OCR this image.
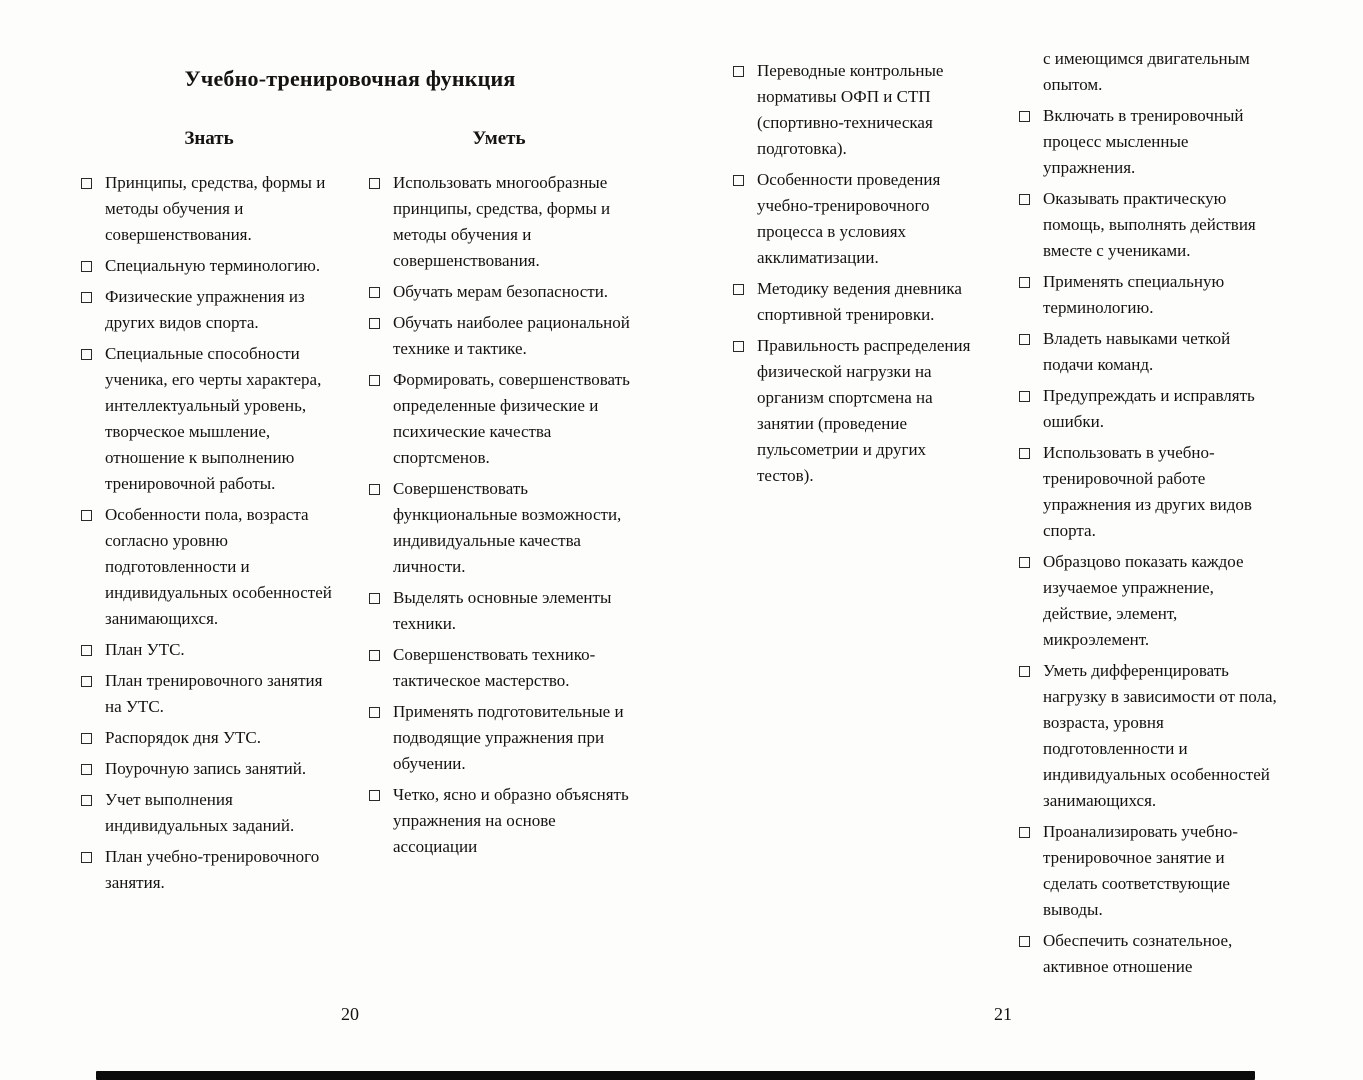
Учебно-тренировочная функция
Знать
Принципы, средства, формы и методы обучения и совершенствования.
Специальную терминологию.
Физические упражнения из других видов спорта.
Специальные способности ученика, его черты характера, интеллектуальный уровень, творческое мышление, отношение к выполнению тренировочной работы.
Особенности пола, возраста согласно уровню подготовленности и индивидуальных особенностей занимающихся.
План УТС.
План тренировочного занятия на УТС.
Распорядок дня УТС.
Поурочную запись занятий.
Учет выполнения индивидуальных заданий.
План учебно-тренировочного занятия.
Уметь
Использовать многообразные принципы, средства, формы и методы обучения и совершенствования.
Обучать мерам безопасности.
Обучать наиболее рациональной технике и тактике.
Формировать, совершенствовать определенные физические и психические качества спортсменов.
Совершенствовать функциональные возможности, индивидуальные качества личности.
Выделять основные элементы техники.
Совершенствовать технико-тактическое мастерство.
Применять подготовительные и подводящие упражнения при обучении.
Четко, ясно и образно объяснять упражнения на основе ассоциации
20
Переводные контрольные нормативы ОФП и СТП (спортивно-техническая подготовка).
Особенности проведения учебно-тренировочного процесса в условиях акклиматизации.
Методику ведения дневника спортивной тренировки.
Правильность распределения физической нагрузки на организм спортсмена на занятии (проведение пульсометрии и других тестов).
с имеющимся двигательным опытом.
Включать в тренировочный процесс мысленные упражнения.
Оказывать практическую помощь, выполнять действия вместе с учениками.
Применять специальную терминологию.
Владеть навыками четкой подачи команд.
Предупреждать и исправлять ошибки.
Использовать в учебно-тренировочной работе упражнения из других видов спорта.
Образцово показать каждое изучаемое упражнение, действие, элемент, микроэлемент.
Уметь дифференцировать нагрузку в зависимости от пола, возраста, уровня подготовленности и индивидуальных особенностей занимающихся.
Проанализировать учебно-тренировочное занятие и сделать соответствующие выводы.
Обеспечить сознательное, активное отношение
21
